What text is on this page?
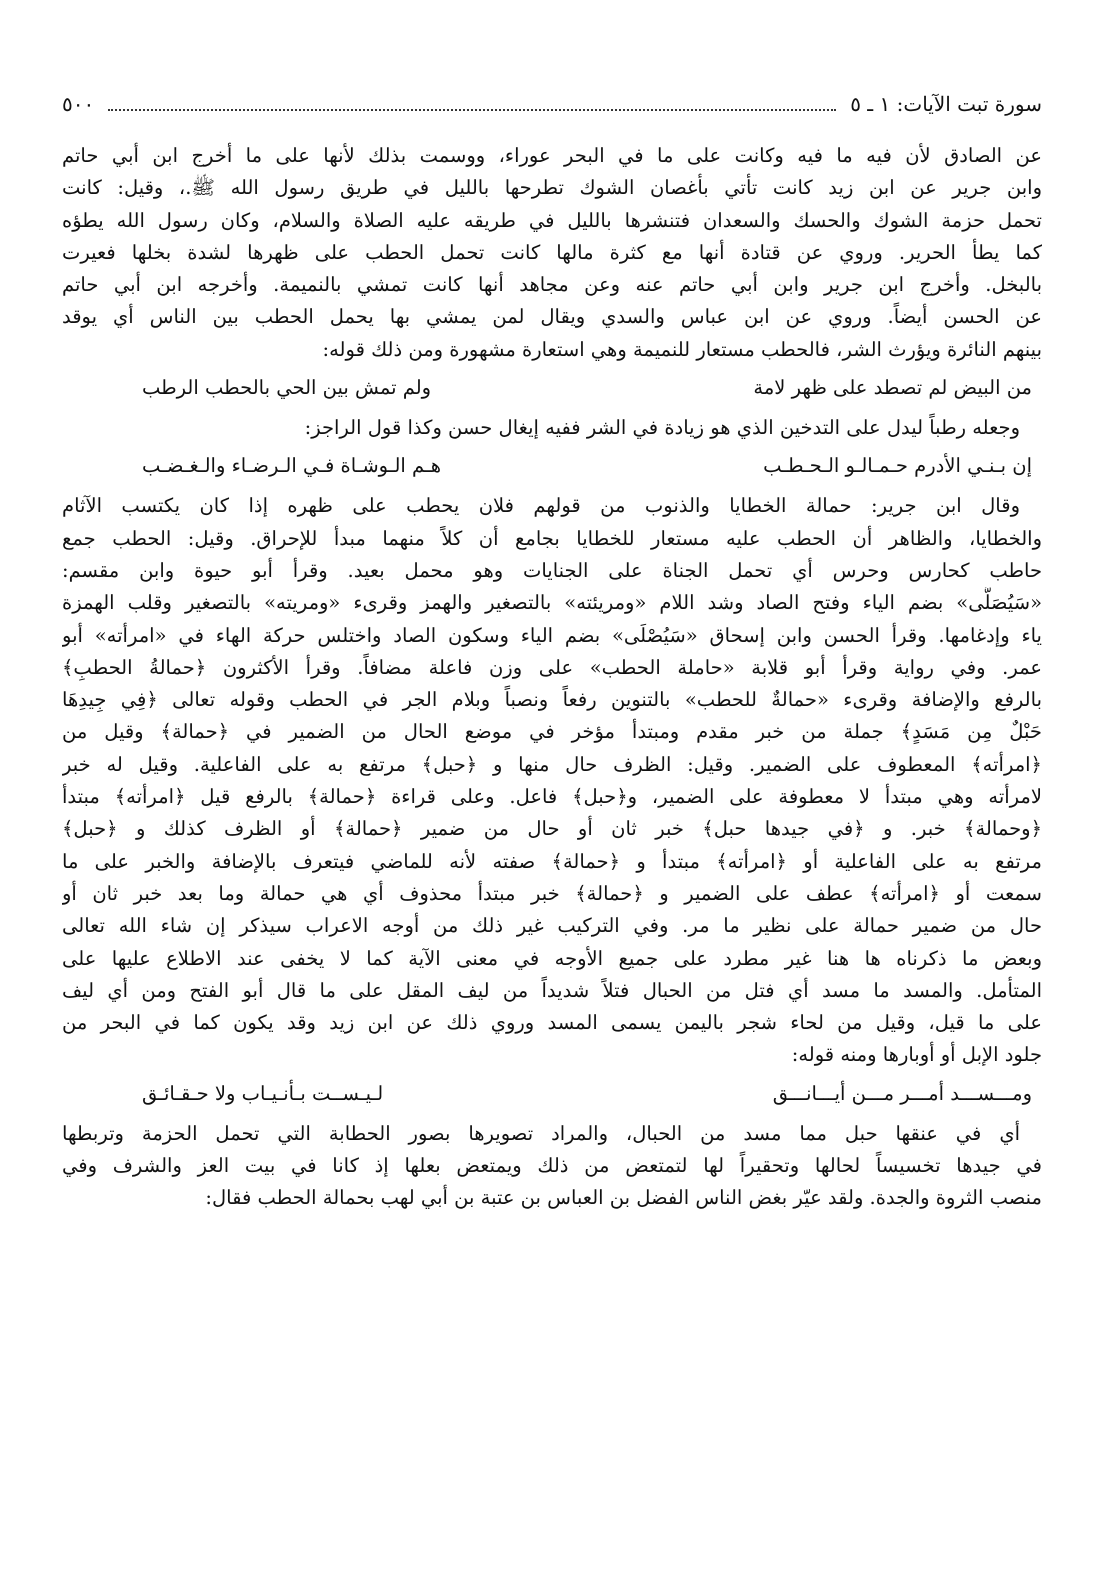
سورة تبت الآيات: ١ ـ ٥
٥٠٠
عن الصادق لأن فيه ما فيه وكانت على ما في البحر عوراء، ووسمت بذلك لأنها على ما أخرج ابن أبي حاتم
وابن جرير عن ابن زيد كانت تأتي بأغصان الشوك تطرحها بالليل في طريق رسول الله ﷺ.، وقيل: كانت
تحمل حزمة الشوك والحسك والسعدان فتنشرها بالليل في طريقه عليه الصلاة والسلام، وكان رسول الله يطؤه
كما يطأ الحرير. وروي عن قتادة أنها مع كثرة مالها كانت تحمل الحطب على ظهرها لشدة بخلها فعيرت
بالبخل. وأخرج ابن جرير وابن أبي حاتم عنه وعن مجاهد أنها كانت تمشي بالنميمة. وأخرجه ابن أبي حاتم
عن الحسن أيضاً. وروي عن ابن عباس والسدي ويقال لمن يمشي بها يحمل الحطب بين الناس أي يوقد
بينهم النائرة ويؤرث الشر، فالحطب مستعار للنميمة وهي استعارة مشهورة ومن ذلك قوله:
من البيض لم تصطد على ظهر لامة
ولم تمش بين الحي بالحطب الرطب
وجعله رطباً ليدل على التدخين الذي هو زيادة في الشر ففيه إيغال حسن وكذا قول الراجز:
إن بـنـي الأدرم حـمـالـو الـحـطـب
هـم الـوشـاة فـي الـرضـاء والـغـضـب
وقال ابن جرير: حمالة الخطايا والذنوب من قولهم فلان يحطب على ظهره إذا كان يكتسب الآثام
والخطايا، والظاهر أن الحطب عليه مستعار للخطايا بجامع أن كلاً منهما مبدأ للإحراق. وقيل: الحطب جمع
حاطب كحارس وحرس أي تحمل الجناة على الجنايات وهو محمل بعيد. وقرأ أبو حيوة وابن مقسم:
«سَيُصَلَّى» بضم الياء وفتح الصاد وشد اللام «ومريئته» بالتصغير والهمز وقرىء «ومريته» بالتصغير وقلب الهمزة
ياء وإدغامها. وقرأ الحسن وابن إسحاق «سَيُصْلَى» بضم الياء وسكون الصاد واختلس حركة الهاء في «امرأته» أبو
عمر. وفي رواية وقرأ أبو قلابة «حاملة الحطب» على وزن فاعلة مضافاً. وقرأ الأكثرون ﴿حمالةُ الحطبِ﴾
بالرفع والإضافة وقرىء «حمالةٌ للحطب» بالتنوين رفعاً ونصباً وبلام الجر في الحطب وقوله تعالى ﴿فِي جِيدِهَا
حَبْلٌ مِن مَسَدٍ﴾ جملة من خبر مقدم ومبتدأ مؤخر في موضع الحال من الضمير في ﴿حمالة﴾ وقيل من
﴿امرأته﴾ المعطوف على الضمير. وقيل: الظرف حال منها و ﴿حبل﴾ مرتفع به على الفاعلية. وقيل له خبر
لامرأته وهي مبتدأ لا معطوفة على الضمير، و﴿حبل﴾ فاعل. وعلى قراءة ﴿حمالة﴾ بالرفع قيل ﴿امرأته﴾ مبتدأ
﴿وحمالة﴾ خبر. و ﴿في جيدها حبل﴾ خبر ثان أو حال من ضمير ﴿حمالة﴾ أو الظرف كذلك و ﴿حبل﴾
مرتفع به على الفاعلية أو ﴿امرأته﴾ مبتدأ و ﴿حمالة﴾ صفته لأنه للماضي فيتعرف بالإضافة والخبر على ما
سمعت أو ﴿امرأته﴾ عطف على الضمير و ﴿حمالة﴾ خبر مبتدأ محذوف أي هي حمالة وما بعد خبر ثان أو
حال من ضمير حمالة على نظير ما مر. وفي التركيب غير ذلك من أوجه الاعراب سيذكر إن شاء الله تعالى
وبعض ما ذكرناه ها هنا غير مطرد على جميع الأوجه في معنى الآية كما لا يخفى عند الاطلاع عليها على
المتأمل. والمسد ما مسد أي فتل من الحبال فتلاً شديداً من ليف المقل على ما قال أبو الفتح ومن أي ليف
على ما قيل، وقيل من لحاء شجر باليمن يسمى المسد وروي ذلك عن ابن زيد وقد يكون كما في البحر من
جلود الإبل أو أوبارها ومنه قوله:
ومـــســـد أمـــر مـــن أيـــانـــق
لـيـســت بـأنـيـاب ولا حـقـائـق
أي في عنقها حبل مما مسد من الحبال، والمراد تصويرها بصور الحطابة التي تحمل الحزمة وتربطها
في جيدها تخسيساً لحالها وتحقيراً لها لتمتعض من ذلك ويمتعض بعلها إذ كانا في بيت العز والشرف وفي
منصب الثروة والجدة. ولقد عيّر بغض الناس الفضل بن العباس بن عتبة بن أبي لهب بحمالة الحطب فقال:
